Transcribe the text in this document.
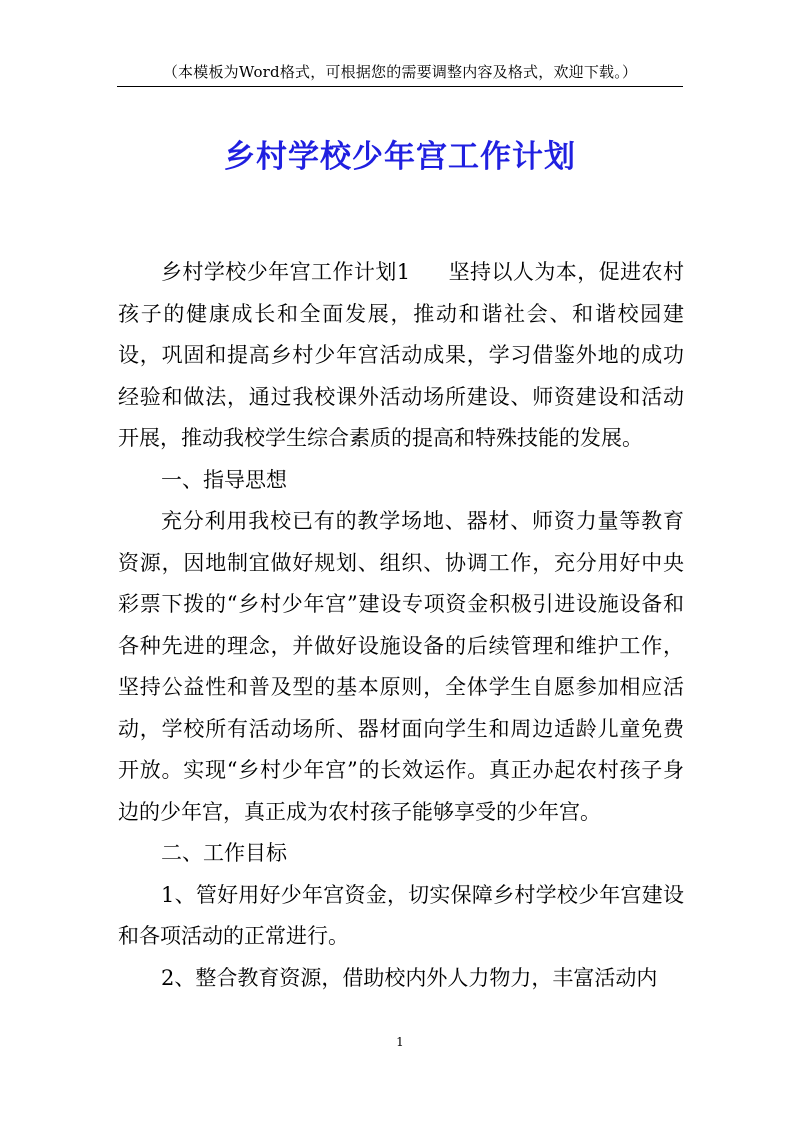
（本模板为Word格式，可根据您的需要调整内容及格式，欢迎下载。）
乡村学校少年宫工作计划

乡村学校少年宫工作计划1 坚持以人为本，促进农村孩子的健康成长和全面发展，推动和谐社会、和谐校园建设，巩固和提高乡村少年宫活动成果，学习借鉴外地的成功经验和做法，通过我校课外活动场所建设、师资建设和活动开展，推动我校学生综合素质的提高和特殊技能的发展。

一、指导思想

充分利用我校已有的教学场地、器材、师资力量等教育资源，因地制宜做好规划、组织、协调工作，充分用好中央彩票下拨的“乡村少年宫”建设专项资金积极引进设施设备和各种先进的理念，并做好设施设备的后续管理和维护工作，坚持公益性和普及型的基本原则，全体学生自愿参加相应活动，学校所有活动场所、器材面向学生和周边适龄儿童免费开放。实现“乡村少年宫”的长效运作。真正办起农村孩子身边的少年宫，真正成为农村孩子能够享受的少年宫。

二、工作目标

1、管好用好少年宫资金，切实保障乡村学校少年宫建设和各项活动的正常进行。

2、整合教育资源，借助校内外人力物力，丰富活动内

1
